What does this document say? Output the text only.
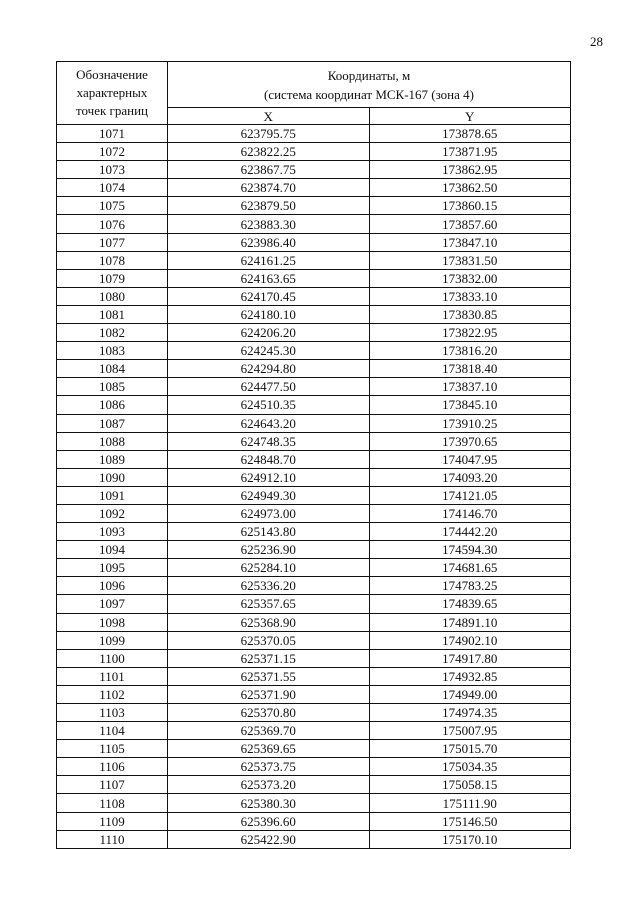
28
Обозначение
характерных
точек границ	Координаты, м
(система координат МСК-167 (зона 4)	

	X	Y
1071	623795.75	173878.65
1072	623822.25	173871.95
1073	623867.75	173862.95
1074	623874.70	173862.50
1075	623879.50	173860.15
1076	623883.30	173857.60
1077	623986.40	173847.10
1078	624161.25	173831.50
1079	624163.65	173832.00
1080	624170.45	173833.10
1081	624180.10	173830.85
1082	624206.20	173822.95
1083	624245.30	173816.20
1084	624294.80	173818.40
1085	624477.50	173837.10
1086	624510.35	173845.10
1087	624643.20	173910.25
1088	624748.35	173970.65
1089	624848.70	174047.95
1090	624912.10	174093.20
1091	624949.30	174121.05
1092	624973.00	174146.70
1093	625143.80	174442.20
1094	625236.90	174594.30
1095	625284.10	174681.65
1096	625336.20	174783.25
1097	625357.65	174839.65
1098	625368.90	174891.10
1099	625370.05	174902.10
1100	625371.15	174917.80
1101	625371.55	174932.85
1102	625371.90	174949.00
1103	625370.80	174974.35
1104	625369.70	175007.95
1105	625369.65	175015.70
1106	625373.75	175034.35
1107	625373.20	175058.15
1108	625380.30	175111.90
1109	625396.60	175146.50
1110	625422.90	175170.10
